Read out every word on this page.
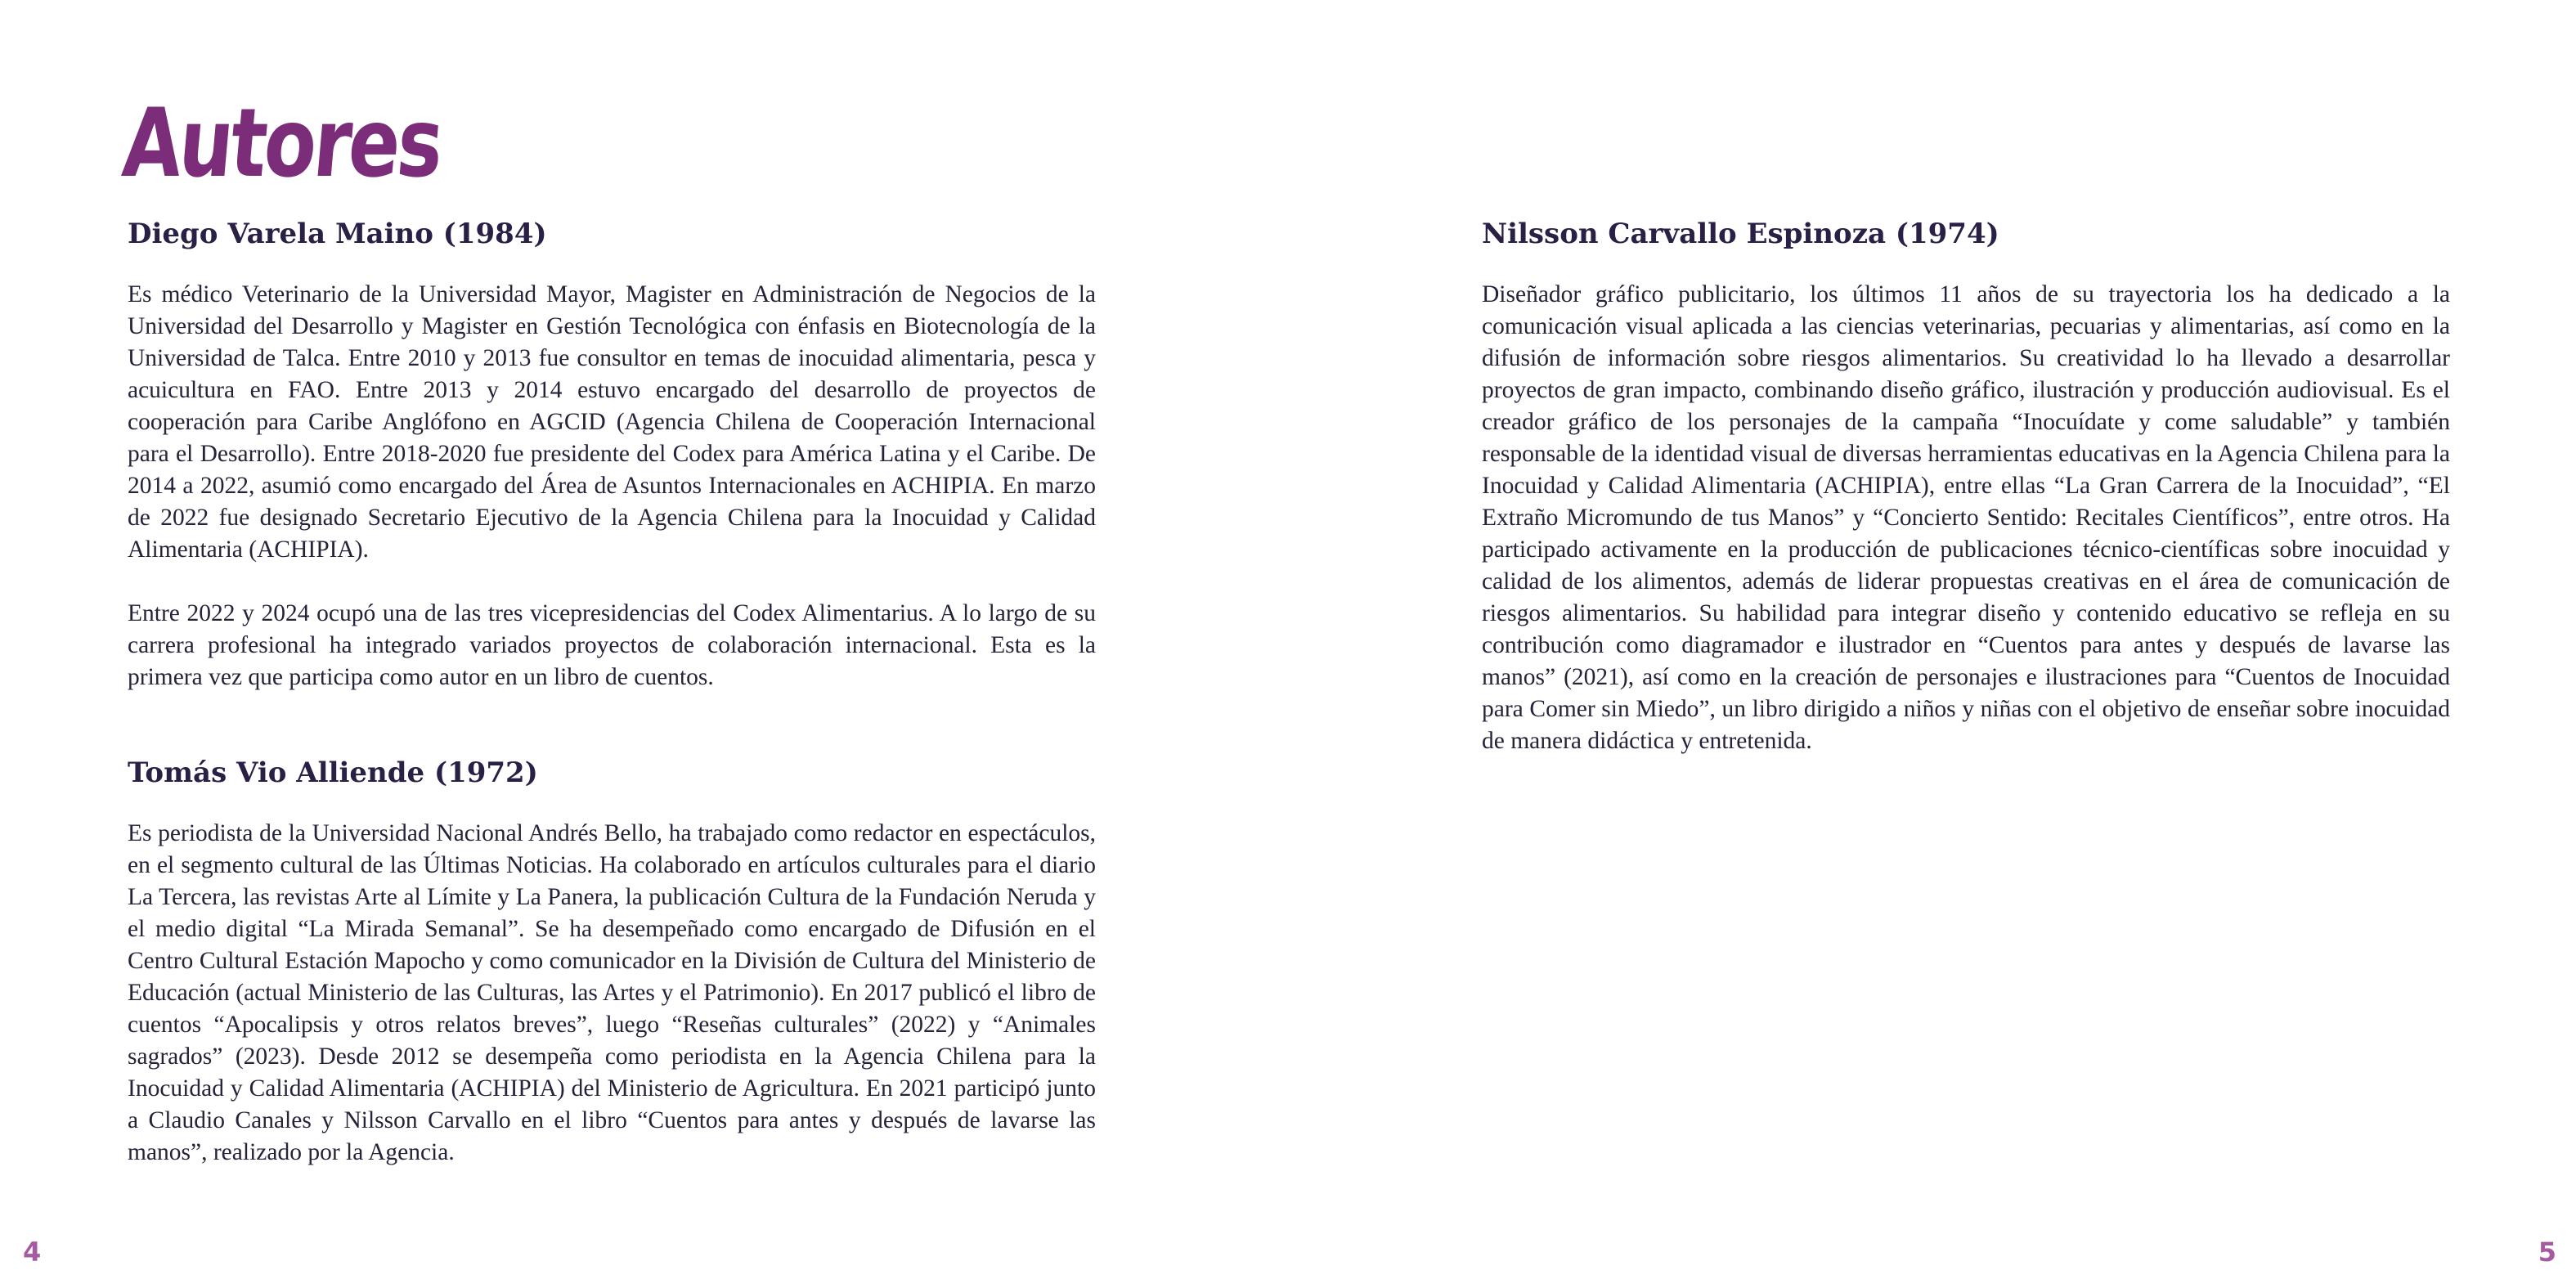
Autores
Diego Varela Maino (1984)

Es médico Veterinario de la Universidad Mayor, Magister en Administración de Negocios de la Universidad del Desarrollo y Magister en Gestión Tecnológica con énfasis en Biotecnología de la Universidad de Talca. Entre 2010 y 2013 fue consultor en temas de inocuidad alimentaria, pesca y acuicultura en FAO. Entre 2013 y 2014 estuvo encargado del desarrollo de proyectos de cooperación para Caribe Anglófono en AGCID (Agencia Chilena de Cooperación Internacional para el Desarrollo). Entre 2018-2020 fue presidente del Codex para América Latina y el Caribe. De 2014 a 2022, asumió como encargado del Área de Asuntos Internacionales en ACHIPIA. En marzo de 2022 fue designado Secretario Ejecutivo de la Agencia Chilena para la Inocuidad y Calidad Alimentaria (ACHIPIA).

Entre 2022 y 2024 ocupó una de las tres vicepresidencias del Codex Alimentarius. A lo largo de su carrera profesional ha integrado variados proyectos de colaboración internacional. Esta es la primera vez que participa como autor en un libro de cuentos.

Tomás Vio Alliende (1972)

Es periodista de la Universidad Nacional Andrés Bello, ha trabajado como redactor en espectáculos, en el segmento cultural de las Últimas Noticias. Ha colaborado en artículos culturales para el diario La Tercera, las revistas Arte al Límite y La Panera, la publicación Cultura de la Fundación Neruda y el medio digital “La Mirada Semanal”. Se ha desempeñado como encargado de Difusión en el Centro Cultural Estación Mapocho y como comunicador en la División de Cultura del Ministerio de Educación (actual Ministerio de las Culturas, las Artes y el Patrimonio). En 2017 publicó el libro de cuentos “Apocalipsis y otros relatos breves”, luego “Reseñas culturales” (2022) y “Animales sagrados” (2023). Desde 2012 se desempeña como periodista en la Agencia Chilena para la Inocuidad y Calidad Alimentaria (ACHIPIA) del Ministerio de Agricultura. En 2021 participó junto a Claudio Canales y Nilsson Carvallo en el libro “Cuentos para antes y después de lavarse las manos”, realizado por la Agencia.

Nilsson Carvallo Espinoza (1974)

Diseñador gráfico publicitario, los últimos 11 años de su trayectoria los ha dedicado a la comunicación visual aplicada a las ciencias veterinarias, pecuarias y alimentarias, así como en la difusión de información sobre riesgos alimentarios. Su creatividad lo ha llevado a desarrollar proyectos de gran impacto, combinando diseño gráfico, ilustración y producción audiovisual. Es el creador gráfico de los personajes de la campaña “Inocuídate y come saludable” y también responsable de la identidad visual de diversas herramientas educativas en la Agencia Chilena para la Inocuidad y Calidad Alimentaria (ACHIPIA), entre ellas “La Gran Carrera de la Inocuidad”, “El Extraño Micromundo de tus Manos” y “Concierto Sentido: Recitales Científicos”, entre otros. Ha participado activamente en la producción de publicaciones técnico-científicas sobre inocuidad y calidad de los alimentos, además de liderar propuestas creativas en el área de comunicación de riesgos alimentarios. Su habilidad para integrar diseño y contenido educativo se refleja en su contribución como diagramador e ilustrador en “Cuentos para antes y después de lavarse las manos” (2021), así como en la creación de personajes e ilustraciones para “Cuentos de Inocuidad para Comer sin Miedo”, un libro dirigido a niños y niñas con el objetivo de enseñar sobre inocuidad de manera didáctica y entretenida.

4	5
